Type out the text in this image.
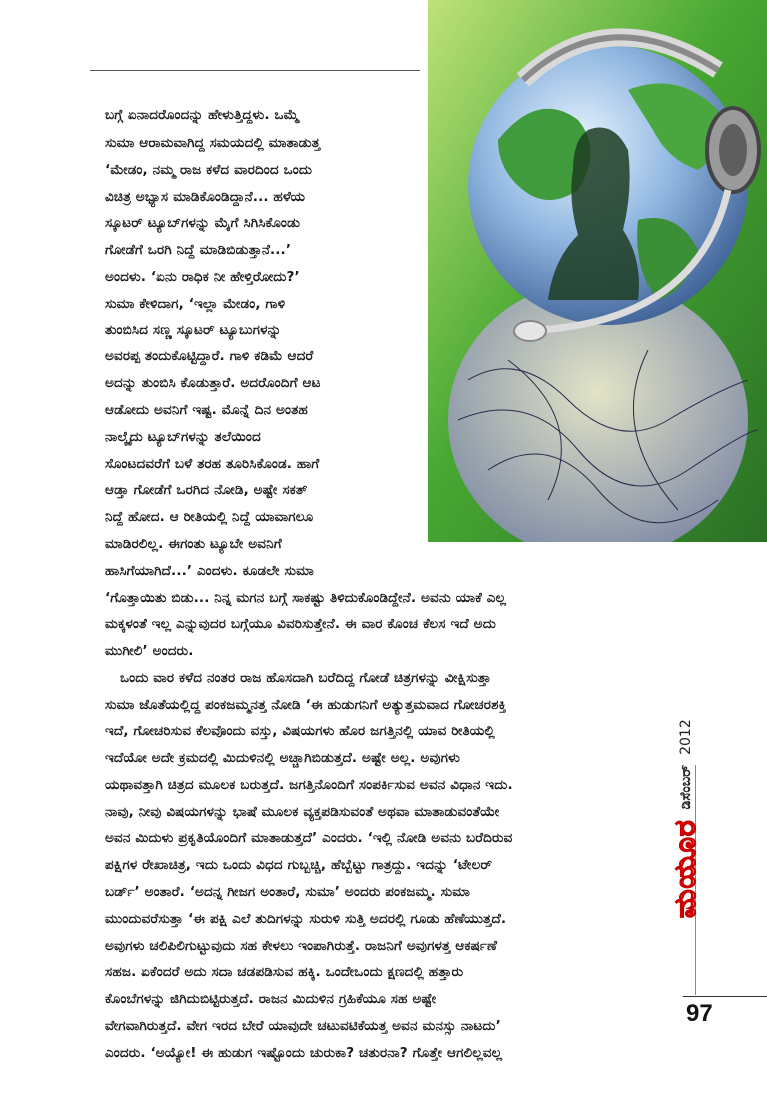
ಬಗ್ಗೆ ಏನಾದರೊಂದನ್ನು ಹೇಳುತ್ತಿದ್ದಳು. ಒಮ್ಮೆ
ಸುಮಾ ಆರಾಮವಾಗಿದ್ದ ಸಮಯದಲ್ಲಿ ಮಾತಾಡುತ್ತ
‘ಮೇಡಂ, ನಮ್ಮ ರಾಜ ಕಳೆದ ವಾರದಿಂದ ಒಂದು
ವಿಚಿತ್ರ ಅಭ್ಯಾಸ ಮಾಡಿಕೊಂಡಿದ್ದಾನೆ... ಹಳೆಯ
ಸ್ಕೂಟರ್ ಟ್ಯೂಬ್‌ಗಳನ್ನು ಮೈಗೆ ಸಿಗಿಸಿಕೊಂಡು
ಗೋಡೆಗೆ ಒರಗಿ ನಿದ್ದೆ ಮಾಡಿಬಿಡುತ್ತಾನೆ...’
ಅಂದಳು. ‘ಏನು ರಾಧಿಕ ನೀ ಹೇಳ್ತಿರೋದು?’
ಸುಮಾ ಕೇಳಿದಾಗ, ‘ಇಲ್ಲಾ ಮೇಡಂ, ಗಾಳಿ
ತುಂಬಿಸಿದ ಸಣ್ಣ ಸ್ಕೂಟರ್ ಟ್ಯೂಬುಗಳನ್ನು
ಅವರಪ್ಪ ತಂದುಕೊಟ್ಟಿದ್ದಾರೆ. ಗಾಳಿ ಕಡಿಮೆ ಆದರೆ
ಅದನ್ನು ತುಂಬಿಸಿ ಕೊಡುತ್ತಾರೆ. ಅದರೊಂದಿಗೆ ಆಟ
ಆಡೋದು ಅವನಿಗೆ ಇಷ್ಟ. ಮೊನ್ನೆ ದಿನ ಅಂತಹ
ನಾಲ್ಕೈದು ಟ್ಯೂಬ್‌ಗಳನ್ನು ತಲೆಯಿಂದ
ಸೊಂಟದವರೆಗೆ ಬಳೆ ತರಹ ತೂರಿಸಿಕೊಂಡ. ಹಾಗೆ
ಆಡ್ತಾ ಗೋಡೆಗೆ ಒರಗಿದ ನೋಡಿ, ಅಷ್ಟೇ ಸಕತ್
ನಿದ್ದೆ ಹೋದ. ಆ ರೀತಿಯಲ್ಲಿ ನಿದ್ದೆ ಯಾವಾಗಲೂ
ಮಾಡಿರಲಿಲ್ಲ. ಈಗಂತು ಟ್ಯೂಬೇ ಅವನಿಗೆ
ಹಾಸಿಗೆಯಾಗಿದೆ...’ ಎಂದಳು. ಕೂಡಲೇ ಸುಮಾ
‘ಗೊತ್ತಾಯಿತು ಬಿಡು... ನಿನ್ನ ಮಗನ ಬಗ್ಗೆ ಸಾಕಷ್ಟು ತಿಳಿದುಕೊಂಡಿದ್ದೇನೆ. ಅವನು ಯಾಕೆ ಎಲ್ಲ
ಮಕ್ಕಳಂತೆ ಇಲ್ಲ ಎನ್ನುವುದರ ಬಗ್ಗೆಯೂ ವಿವರಿಸುತ್ತೇನೆ. ಈ ವಾರ ಕೊಂಚ ಕೆಲಸ ಇದೆ ಅದು
ಮುಗೀಲಿ’ ಅಂದರು.
ಒಂದು ವಾರ ಕಳೆದ ನಂತರ ರಾಜ ಹೊಸದಾಗಿ ಬರೆದಿದ್ದ ಗೋಡೆ ಚಿತ್ರಗಳನ್ನು ವೀಕ್ಷಿಸುತ್ತಾ
ಸುಮಾ ಜೊತೆಯಲ್ಲಿದ್ದ ಪಂಕಜಮ್ಮನತ್ತ ನೋಡಿ ‘ಈ ಹುಡುಗನಿಗೆ ಅತ್ಯುತ್ತಮವಾದ ಗೋಚರಶಕ್ತಿ
ಇದೆ, ಗೋಚರಿಸುವ ಕೆಲವೊಂದು ವಸ್ತು, ವಿಷಯಗಳು ಹೊರ ಜಗತ್ತಿನಲ್ಲಿ ಯಾವ ರೀತಿಯಲ್ಲಿ
ಇದೆಯೋ ಅದೇ ಕ್ರಮದಲ್ಲಿ ಮಿದುಳಿನಲ್ಲಿ ಅಚ್ಚಾಗಿಬಿಡುತ್ತದೆ. ಅಷ್ಟೇ ಅಲ್ಲ. ಅವುಗಳು
ಯಥಾವತ್ತಾಗಿ ಚಿತ್ರದ ಮೂಲಕ ಬರುತ್ತದೆ. ಜಗತ್ತಿನೊಂದಿಗೆ ಸಂಪರ್ಕಿಸುವ ಅವನ ವಿಧಾನ ಇದು.
ನಾವು, ನೀವು ವಿಷಯಗಳನ್ನು ಭಾಷೆ ಮೂಲಕ ವ್ಯಕ್ತಪಡಿಸುವಂತೆ ಅಥವಾ ಮಾತಾಡುವಂತೆಯೇ
ಅವನ ಮಿದುಳು ಪ್ರಕೃತಿಯೊಂದಿಗೆ ಮಾತಾಡುತ್ತದೆ’ ಎಂದರು. ‘ಇಲ್ಲಿ ನೋಡಿ ಅವನು ಬರೆದಿರುವ
ಪಕ್ಷಿಗಳ ರೇಖಾಚಿತ್ರ, ಇದು ಒಂದು ವಿಧದ ಗುಬ್ಬಚ್ಚಿ, ಹೆಬ್ಬೆಟ್ಟು ಗಾತ್ರದ್ದು. ಇದನ್ನು ‘ಟೇಲರ್
ಬರ್ಡ್’ ಅಂತಾರೆ. ‘ಅದನ್ನ ಗೀಜಗ ಅಂತಾರೆ, ಸುಮಾ’ ಅಂದರು ಪಂಕಜಮ್ಮ. ಸುಮಾ
ಮುಂದುವರೆಸುತ್ತಾ ‘ಈ ಪಕ್ಷಿ ಎಲೆ ತುದಿಗಳನ್ನು ಸುರುಳಿ ಸುತ್ತಿ ಅದರಲ್ಲಿ ಗೂಡು ಹೆಣೆಯುತ್ತದೆ.
ಅವುಗಳು ಚಲಿಪಿಲಿಗುಟ್ಟುವುದು ಸಹ ಕೇಳಲು ಇಂಪಾಗಿರುತ್ತೆ. ರಾಜನಿಗೆ ಅವುಗಳತ್ತ ಆಕರ್ಷಣೆ
ಸಹಜ. ಏಕೆಂದರೆ ಅದು ಸದಾ ಚಡಪಡಿಸುವ ಹಕ್ಕಿ. ಒಂದೇಒಂದು ಕ್ಷಣದಲ್ಲಿ ಹತ್ತಾರು
ಕೊಂಬೆಗಳನ್ನು ಜಿಗಿದುಬಿಟ್ಟಿರುತ್ತದೆ. ರಾಜನ ಮಿದುಳಿನ ಗ್ರಹಿಕೆಯೂ ಸಹ ಅಷ್ಟೇ
ವೇಗವಾಗಿರುತ್ತದೆ. ವೇಗ ಇರದ ಬೇರೆ ಯಾವುದೇ ಚಟುವಟಿಕೆಯತ್ತ ಅವನ ಮನಸ್ಸು ನಾಟದು’
ಎಂದರು. ‘ಅಯ್ಯೋ! ಈ ಹುಡುಗ ಇಷ್ಟೊಂದು ಚುರುಕಾ? ಚತುರನಾ? ಗೊತ್ತೇ ಆಗಲಿಲ್ಲವಲ್ಲ
ಮಯೂರ
ಡಿಸೆಂಬರ್
2012
97
